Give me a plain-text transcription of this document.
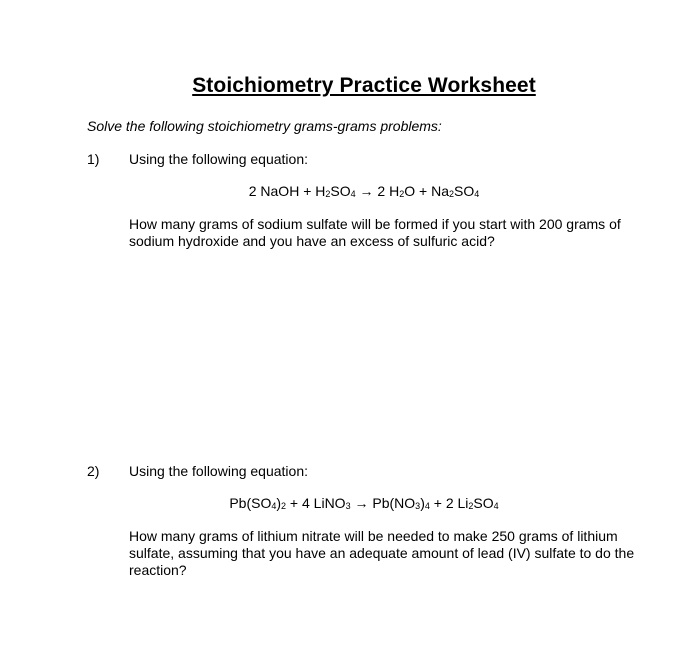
Stoichiometry Practice Worksheet
Solve the following stoichiometry grams-grams problems:
1) Using the following equation:
2 NaOH + $H_2SO_4 \to 2$ $H_2O + Na_2SO_4$
How many grams of sodium sulfate will be formed if you start with 200 grams of sodium hydroxide and you have an excess of sulfuric acid?
2) Using the following equation:
$Pb(SO_4)_2 + 4$ LiNO$_3$ → $Pb(NO_3)_4 + 2$ $Li_2SO_4$
How many grams of lithium nitrate will be needed to make 250 grams of lithium sulfate, assuming that you have an adequate amount of lead (IV) sulfate to do the reaction?
